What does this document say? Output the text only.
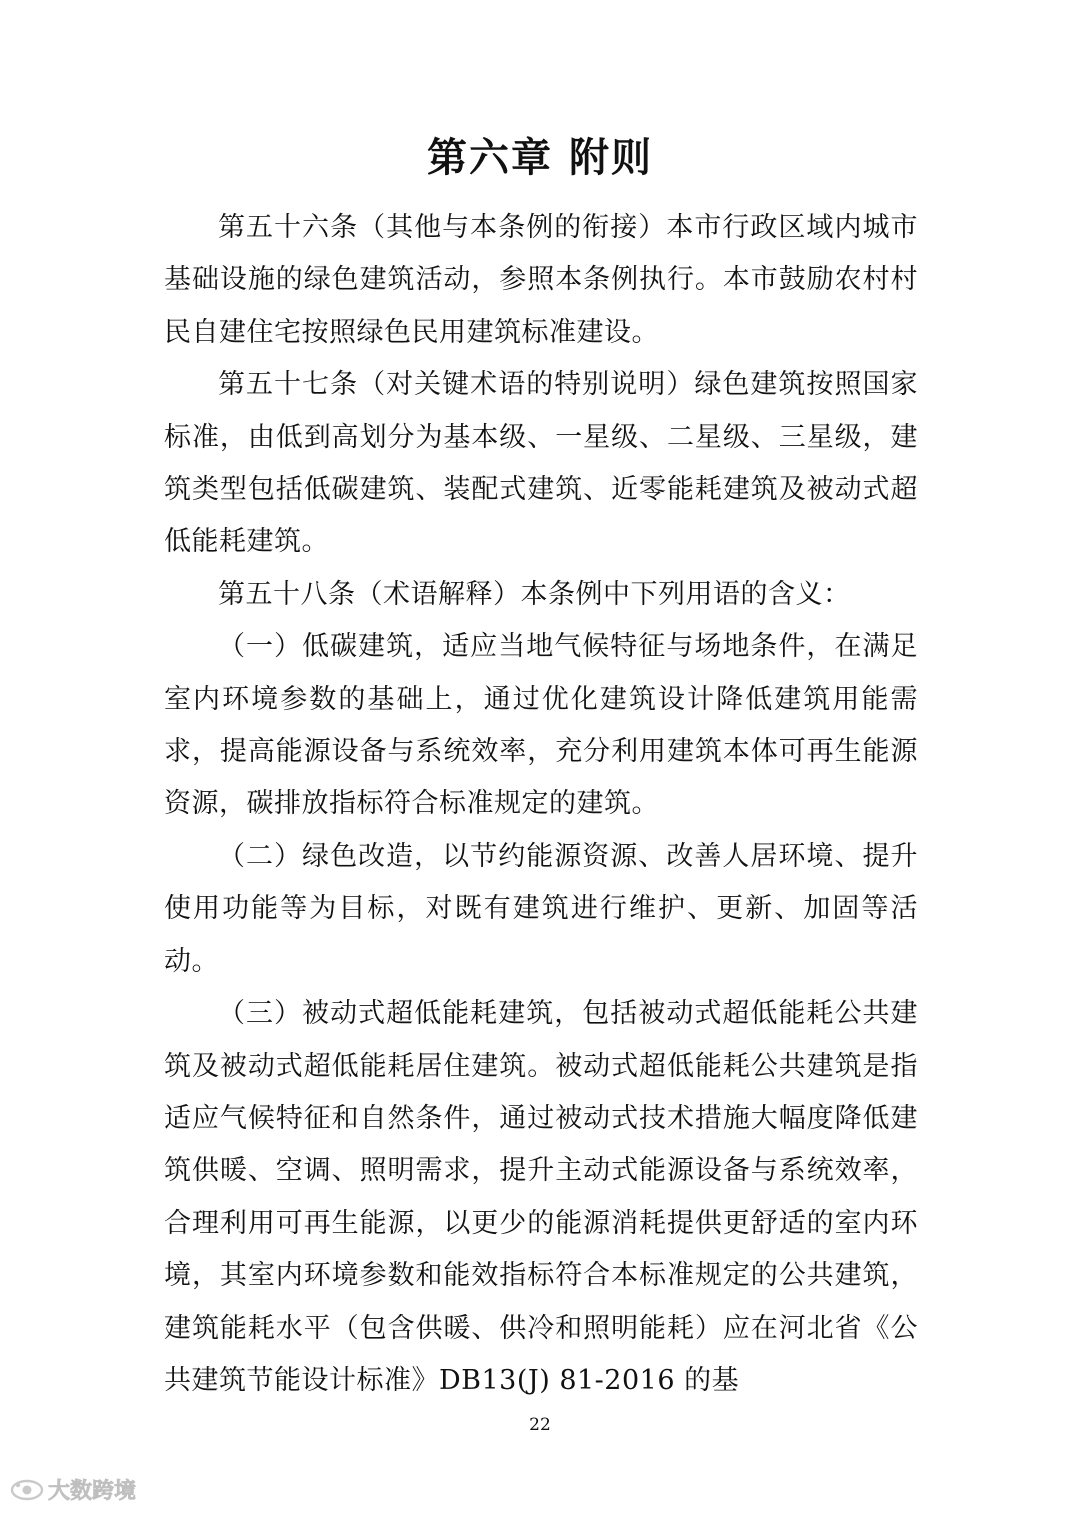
第六章 附则

第五十六条（其他与本条例的衔接）本市行政区域内城市基础设施的绿色建筑活动，参照本条例执行。本市鼓励农村村民自建住宅按照绿色民用建筑标准建设。

第五十七条（对关键术语的特别说明）绿色建筑按照国家标准，由低到高划分为基本级、一星级、二星级、三星级，建筑类型包括低碳建筑、装配式建筑、近零能耗建筑及被动式超低能耗建筑。

第五十八条（术语解释）本条例中下列用语的含义：

（一）低碳建筑，适应当地气候特征与场地条件，在满足室内环境参数的基础上，通过优化建筑设计降低建筑用能需求，提高能源设备与系统效率，充分利用建筑本体可再生能源资源，碳排放指标符合标准规定的建筑。

（二）绿色改造，以节约能源资源、改善人居环境、提升使用功能等为目标，对既有建筑进行维护、更新、加固等活动。

（三）被动式超低能耗建筑，包括被动式超低能耗公共建筑及被动式超低能耗居住建筑。被动式超低能耗公共建筑是指适应气候特征和自然条件，通过被动式技术措施大幅度降低建筑供暖、空调、照明需求，提升主动式能源设备与系统效率，合理利用可再生能源，以更少的能源消耗提供更舒适的室内环境，其室内环境参数和能效指标符合本标准规定的公共建筑，建筑能耗水平（包含供暖、供冷和照明能耗）应在河北省《公共建筑节能设计标准》DB13(J) 81-2016 的基

22
大数跨境
